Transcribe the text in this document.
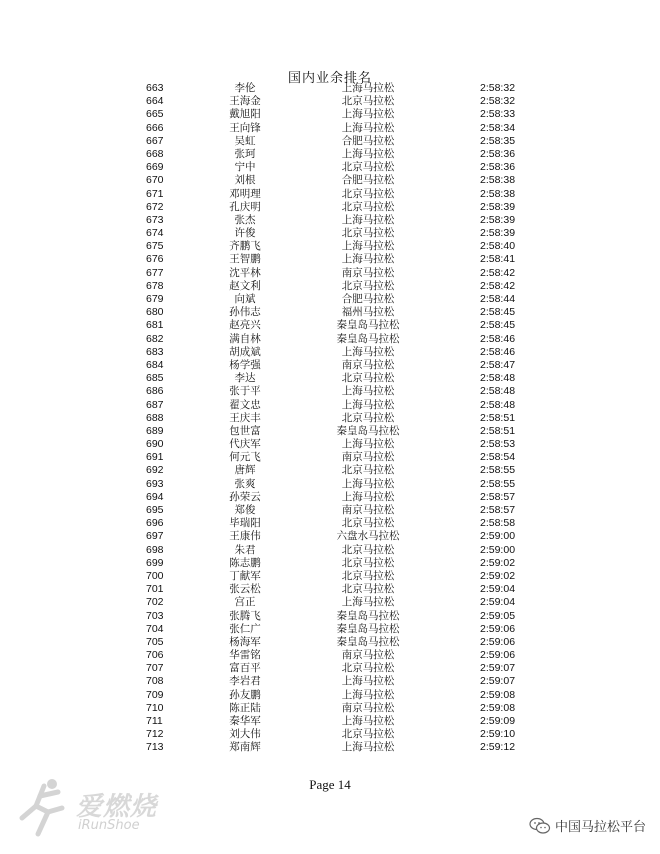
国内业余排名
663	李伦	上海马拉松	2:58:32
664	王海金	北京马拉松	2:58:32
665	戴旭阳	上海马拉松	2:58:33
666	王向锋	上海马拉松	2:58:34
667	吴虹	合肥马拉松	2:58:35
668	张珂	上海马拉松	2:58:36
669	宁中	北京马拉松	2:58:36
670	刘根	合肥马拉松	2:58:38
671	邓明理	北京马拉松	2:58:38
672	孔庆明	北京马拉松	2:58:39
673	张杰	上海马拉松	2:58:39
674	许俊	北京马拉松	2:58:39
675	齐鹏飞	上海马拉松	2:58:40
676	王智鹏	上海马拉松	2:58:41
677	沈平林	南京马拉松	2:58:42
678	赵文利	北京马拉松	2:58:42
679	向斌	合肥马拉松	2:58:44
680	孙伟志	福州马拉松	2:58:45
681	赵亮兴	秦皇岛马拉松	2:58:45
682	满自林	秦皇岛马拉松	2:58:46
683	胡成斌	上海马拉松	2:58:46
684	杨学强	南京马拉松	2:58:47
685	李达	北京马拉松	2:58:48
686	张于平	上海马拉松	2:58:48
687	翟文忠	上海马拉松	2:58:48
688	王庆丰	北京马拉松	2:58:51
689	包世富	秦皇岛马拉松	2:58:51
690	代庆军	上海马拉松	2:58:53
691	何元飞	南京马拉松	2:58:54
692	唐辉	北京马拉松	2:58:55
693	张爽	上海马拉松	2:58:55
694	孙荣云	上海马拉松	2:58:57
695	郑俊	南京马拉松	2:58:57
696	毕瑞阳	北京马拉松	2:58:58
697	王康伟	六盘水马拉松	2:59:00
698	朱君	北京马拉松	2:59:00
699	陈志鹏	北京马拉松	2:59:02
700	丁献军	北京马拉松	2:59:02
701	张云松	北京马拉松	2:59:04
702	宫正	上海马拉松	2:59:04
703	张腾飞	秦皇岛马拉松	2:59:05
704	张仁广	秦皇岛马拉松	2:59:06
705	杨海军	秦皇岛马拉松	2:59:06
706	华雷铭	南京马拉松	2:59:06
707	富百平	北京马拉松	2:59:07
708	李岩君	上海马拉松	2:59:07
709	孙友鹏	上海马拉松	2:59:08
710	陈正陆	南京马拉松	2:59:08
711	秦华军	上海马拉松	2:59:09
712	刘大伟	北京马拉松	2:59:10
713	郑南辉	上海马拉松	2:59:12
Page 14
爱燃烧
iRunShoe	中国马拉松平台
